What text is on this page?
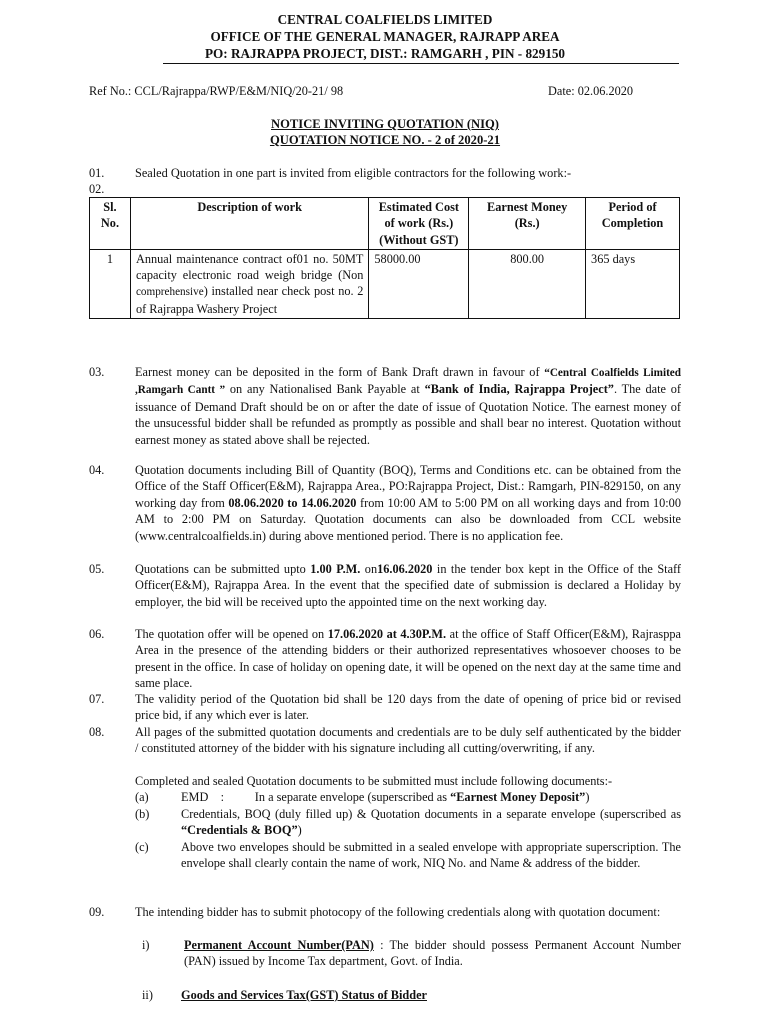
CENTRAL COALFIELDS LIMITED
OFFICE OF THE GENERAL MANAGER, RAJRAPP AREA
PO: RAJRAPPA PROJECT, DIST.: RAMGARH , PIN - 829150
Ref No.: CCL/Rajrappa/RWP/E&M/NIQ/20-21/ 98	Date: 02.06.2020
NOTICE INVITING QUOTATION (NIQ)
QUOTATION NOTICE NO. - 2 of 2020-21
01. Sealed Quotation in one part is invited from eligible contractors for the following work:-
02.
Sl. No.	Description of work	Estimated Cost of work (Rs.) (Without GST)	Earnest Money (Rs.)	Period of Completion
1	Annual maintenance contract of01 no. 50MT capacity electronic road weigh bridge (Non comprehensive) installed near check post no. 2 of Rajrappa Washery Project	58000.00	800.00	365 days
03. Earnest money can be deposited in the form of Bank Draft drawn in favour of “Central Coalfields Limited ,Ramgarh Cantt ” on any Nationalised Bank Payable at “Bank of India, Rajrappa Project”. The date of issuance of Demand Draft should be on or after the date of issue of Quotation Notice. The earnest money of the unsucessful bidder shall be refunded as promptly as possible and shall bear no interest. Quotation without earnest money as stated above shall be rejected.
04. Quotation documents including Bill of Quantity (BOQ), Terms and Conditions etc. can be obtained from the Office of the Staff Officer(E&M), Rajrappa Area., PO:Rajrappa Project, Dist.: Ramgarh, PIN-829150, on any working day from 08.06.2020 to 14.06.2020 from 10:00 AM to 5:00 PM on all working days and from 10:00 AM to 2:00 PM on Saturday. Quotation documents can also be downloaded from CCL website (www.centralcoalfields.in) during above mentioned period. There is no application fee.
05. Quotations can be submitted upto 1.00 P.M. on16.06.2020 in the tender box kept in the Office of the Staff Officer(E&M), Rajrappa Area. In the event that the specified date of submission is declared a Holiday by employer, the bid will be received upto the appointed time on the next working day.
06. The quotation offer will be opened on 17.06.2020 at 4.30P.M. at the office of Staff Officer(E&M), Rajrasppa Area in the presence of the attending bidders or their authorized representatives whosoever chooses to be present in the office. In case of holiday on opening date, it will be opened on the next day at the same time and same place.
07. The validity period of the Quotation bid shall be 120 days from the date of opening of price bid or revised price bid, if any which ever is later.
08. All pages of the submitted quotation documents and credentials are to be duly self authenticated by the bidder / constituted attorney of the bidder with his signature including all cutting/overwriting, if any.
Completed and sealed Quotation documents to be submitted must include following documents:-
(a)	EMD    :          In a separate envelope (superscribed as “Earnest Money Deposit”)
(b)	Credentials, BOQ (duly filled up) & Quotation documents in a separate envelope (superscribed as “Credentials & BOQ”)
(c)	Above two envelopes should be submitted in a sealed envelope with appropriate superscription. The envelope shall clearly contain the name of work, NIQ No. and Name & address of the bidder.
09. The intending bidder has to submit photocopy of the following credentials along with quotation document:
i)	Permanent Account Number(PAN) : The bidder should possess Permanent Account Number (PAN) issued by Income Tax department, Govt. of India.
ii) Goods and Services Tax(GST) Status of Bidder
